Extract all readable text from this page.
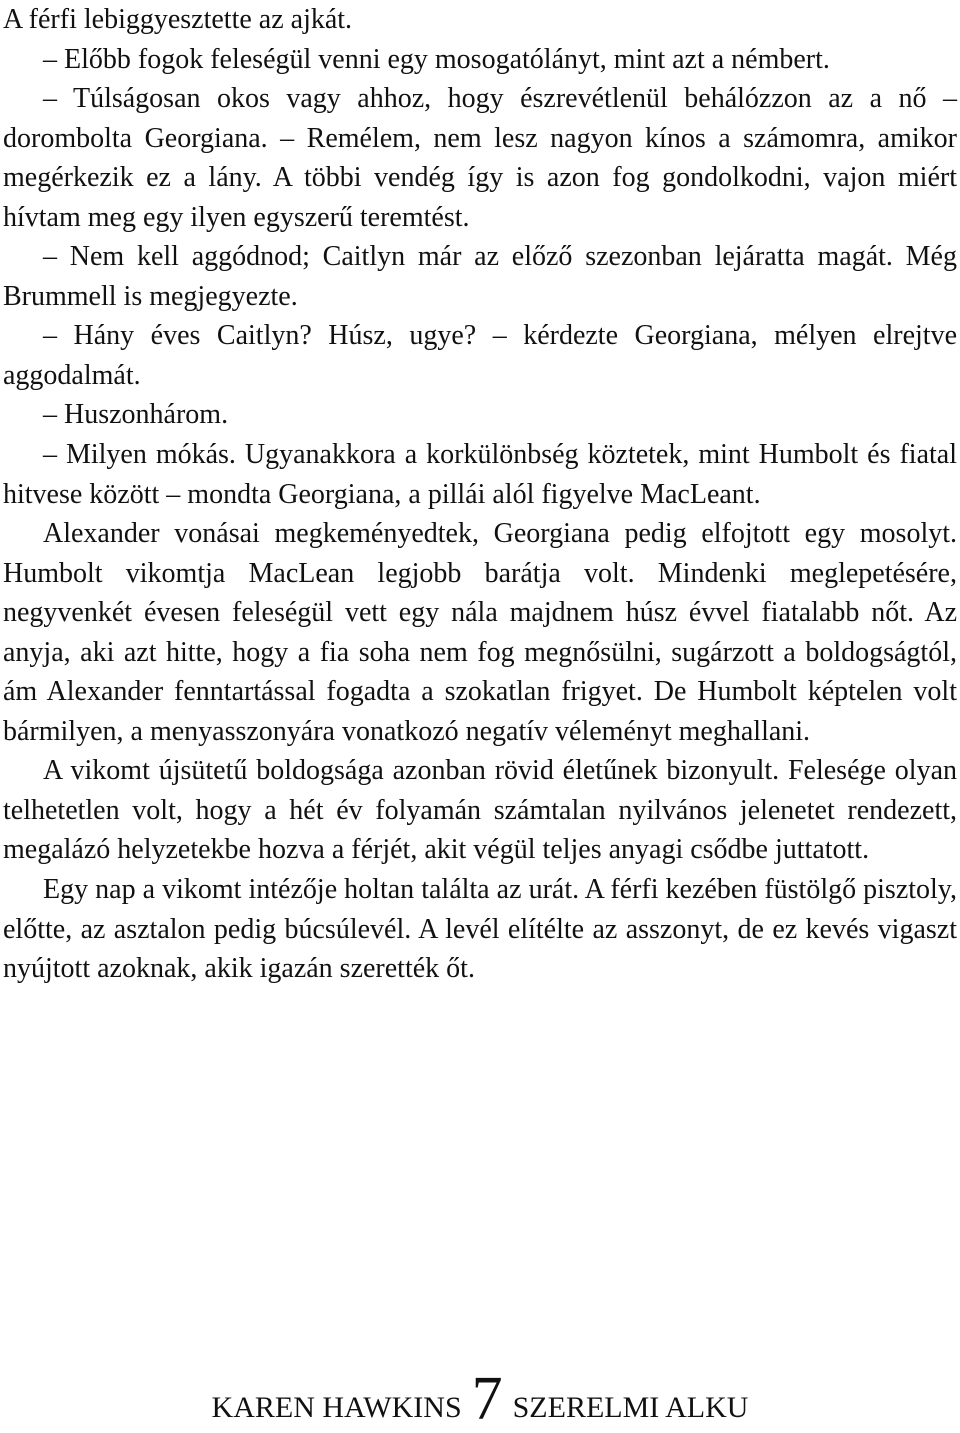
A férfi lebiggyesztette az ajkát.

– Előbb fogok feleségül venni egy mosogatólányt, mint azt a némbert.

– Túlságosan okos vagy ahhoz, hogy észrevétlenül behálózzon az a nő – dorombolta Georgiana. – Remélem, nem lesz nagyon kínos a számomra, amikor megérkezik ez a lány. A többi vendég így is azon fog gondolkodni, vajon miért hívtam meg egy ilyen egyszerű teremtést.

– Nem kell aggódnod; Caitlyn már az előző szezonban lejáratta magát. Még Brummell is megjegyezte.

– Hány éves Caitlyn? Húsz, ugye? – kérdezte Georgiana, mélyen elrejtve aggodalmát.

– Huszonhárom.

– Milyen mókás. Ugyanakkora a korkülönbség köztetek, mint Humbolt és fiatal hitvese között – mondta Georgiana, a pillái alól figyelve MacLeant.

Alexander vonásai megkeményedtek, Georgiana pedig elfojtott egy mosolyt. Humbolt vikomtja MacLean legjobb barátja volt. Mindenki meglepetésére, negyvenkét évesen feleségül vett egy nála majdnem húsz évvel fiatalabb nőt. Az anyja, aki azt hitte, hogy a fia soha nem fog megnősülni, sugárzott a boldogságtól, ám Alexander fenntartással fogadta a szokatlan frigyet. De Humbolt képtelen volt bármilyen, a menyasszonyára vonatkozó negatív véleményt meghallani.

A vikomt újsütetű boldogsága azonban rövid életűnek bizonyult. Felesége olyan telhetetlen volt, hogy a hét év folyamán számtalan nyilvános jelenetet rendezett, megalázó helyzetekbe hozva a férjét, akit végül teljes anyagi csődbe juttatott.

Egy nap a vikomt intézője holtan találta az urát. A férfi kezében füstölgő pisztoly, előtte, az asztalon pedig búcsúlevél. A levél elítélte az asszonyt, de ez kevés vigaszt nyújtott azoknak, akik igazán szerették őt.

KAREN HAWKINS 7 SZERELMI ALKU
